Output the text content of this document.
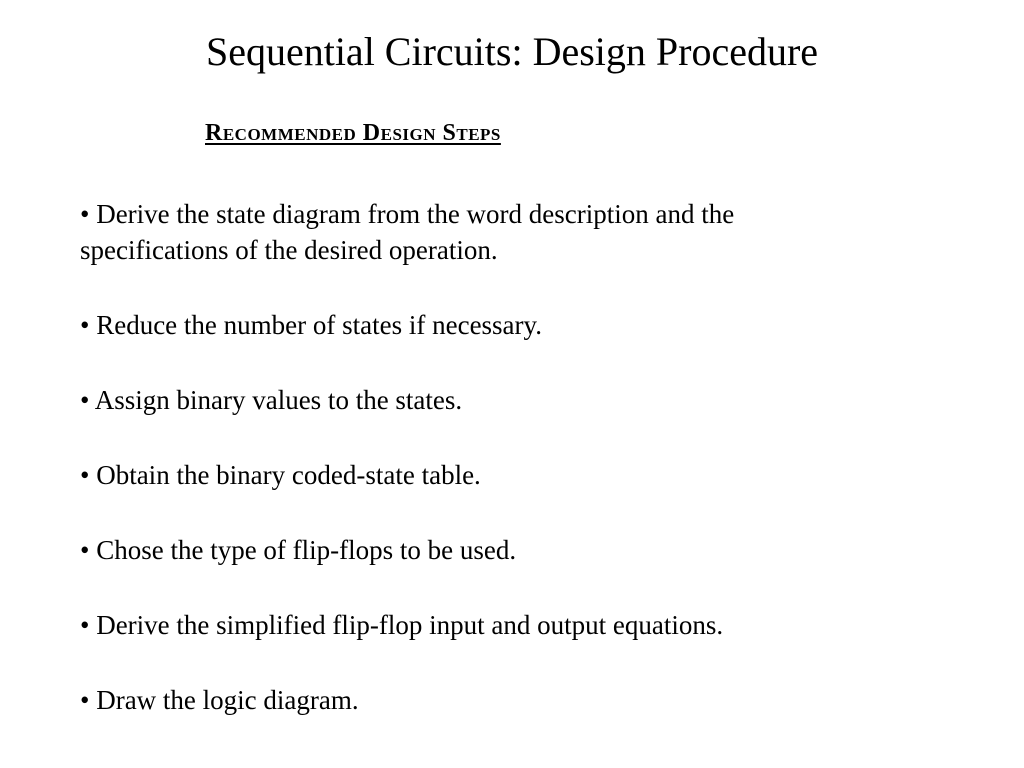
Sequential Circuits: Design Procedure
Recommended Design Steps
• Derive the state diagram from the word description and the specifications of the desired operation.
• Reduce the number of states if necessary.
• Assign binary values to the states.
• Obtain the binary coded-state table.
• Chose the type of flip-flops to be used.
• Derive the simplified flip-flop input and output equations.
• Draw the logic diagram.
